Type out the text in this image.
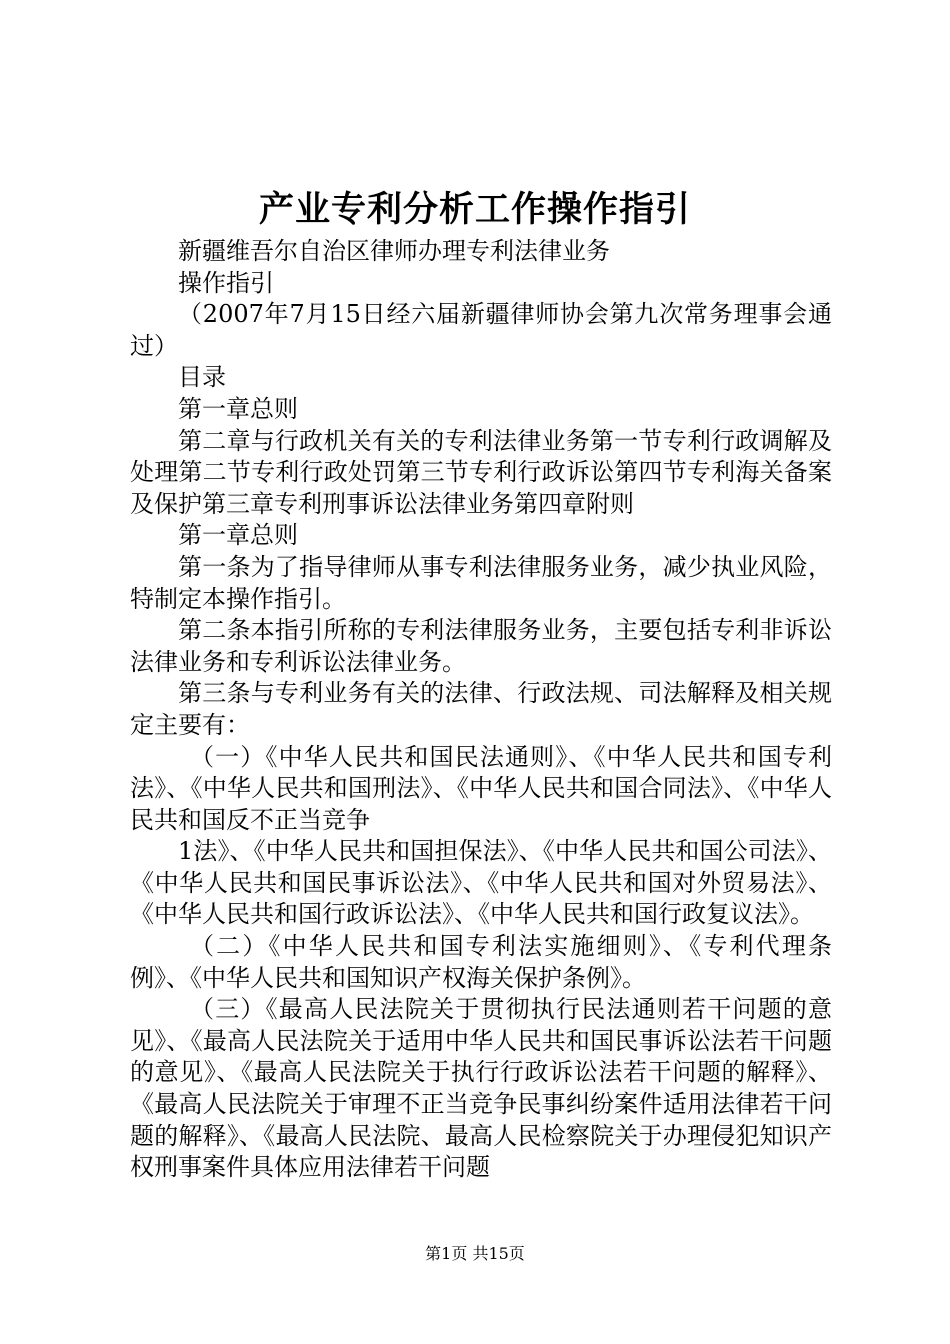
产业专利分析工作操作指引

新疆维吾尔自治区律师办理专利法律业务

操作指引

（2007年7月15日经六届新疆律师协会第九次常务理事会通过）

目录

第一章总则

第二章与行政机关有关的专利法律业务第一节专利行政调解及处理第二节专利行政处罚第三节专利行政诉讼第四节专利海关备案及保护第三章专利刑事诉讼法律业务第四章附则

第一章总则

第一条为了指导律师从事专利法律服务业务，减少执业风险，特制定本操作指引。

第二条本指引所称的专利法律服务业务，主要包括专利非诉讼法律业务和专利诉讼法律业务。

第三条与专利业务有关的法律、行政法规、司法解释及相关规定主要有：

（一）《中华人民共和国民法通则》、《中华人民共和国专利法》、《中华人民共和国刑法》、《中华人民共和国合同法》、《中华人民共和国反不正当竞争

1法》、《中华人民共和国担保法》、《中华人民共和国公司法》、《中华人民共和国民事诉讼法》、《中华人民共和国对外贸易法》、《中华人民共和国行政诉讼法》、《中华人民共和国行政复议法》。

（二）《中华人民共和国专利法实施细则》、《专利代理条例》、《中华人民共和国知识产权海关保护条例》。

（三）《最高人民法院关于贯彻执行民法通则若干问题的意见》、《最高人民法院关于适用中华人民共和国民事诉讼法若干问题的意见》、《最高人民法院关于执行行政诉讼法若干问题的解释》、《最高人民法院关于审理不正当竞争民事纠纷案件适用法律若干问题的解释》、《最高人民法院、最高人民检察院关于办理侵犯知识产权刑事案件具体应用法律若干问题

第1页 共15页
